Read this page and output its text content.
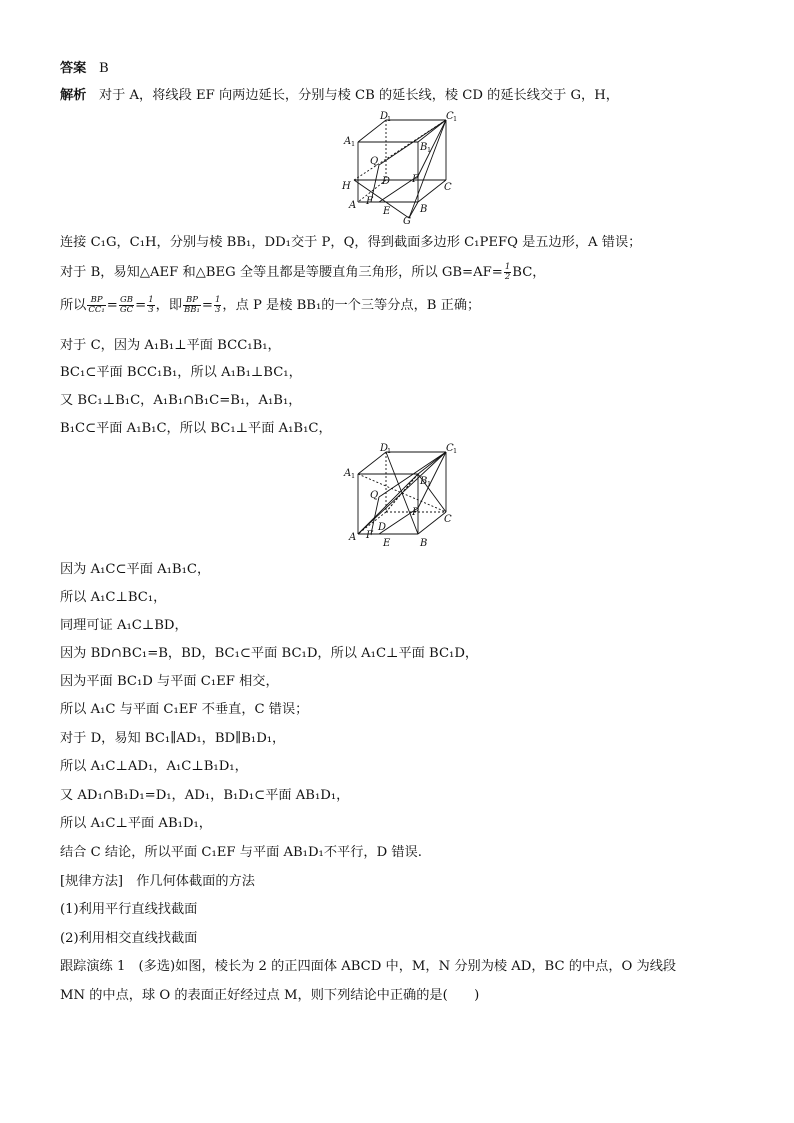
答案 B
解析 对于 A，将线段 EF 向两边延长，分别与棱 CB 的延长线，棱 CD 的延长线交于 G，H，
D
1	C 1
A 1	B 1
Q
D P
C
H
A F
E	B
G
连接 C₁G，C₁H，分别与棱 BB₁，DD₁交于 P，Q，得到截面多边形 C₁PEFQ 是五边形，A 错误；
对于 B，易知△AEF 和△BEG 全等且都是等腰直角三角形，所以 $GB=AF= \frac{1}{2}$ BC，
所以 $\frac{BP}{\text{CC₁}} = \frac{GB}{GC} = \frac{1}{3}$ ，即 $\frac{BP}{\text{BB₁}} = \frac{1}{3}$ ，点 P 是棱 BB₁的一个三等分点，B 正确；
对于 C，因为 A₁B₁⊥平面 BCC₁B₁，
BC₁⊂平面 BCC₁B₁，所以 A₁B₁⊥BC₁，
又 BC₁⊥B₁C，A₁B₁∩B₁C=B₁，A₁B₁，
B₁C⊂平面 A₁B₁C，所以 BC₁⊥平面 A₁B₁C，
D
1	C 1
A 1	B 1
Q
D
P
C
A F
E	B
因为 A₁C⊂平面 A₁B₁C，
所以 A₁C⊥BC₁，
同理可证 A₁C⊥BD，
因为 BD∩BC₁=B，BD，BC₁⊂平面 BC₁D，所以 A₁C⊥平面 BC₁D，
因为平面 BC₁D 与平面 C₁EF 相交，
所以 A₁C 与平面 C₁EF 不垂直，C 错误；
对于 D，易知 BC₁∥AD₁，BD∥B₁D₁，
所以 A₁C⊥AD₁，A₁C⊥B₁D₁，
又 AD₁∩B₁D₁=D₁，AD₁，B₁D₁⊂平面 AB₁D₁，
所以 A₁C⊥平面 AB₁D₁，
结合 C 结论，所以平面 C₁EF 与平面 AB₁D₁不平行，D 错误.
[规律方法]　作几何体截面的方法
(1)利用平行直线找截面
(2)利用相交直线找截面
跟踪演练 1　(多选)如图，棱长为 2 的正四面体 ABCD 中，M，N 分别为棱 AD，BC 的中点，O 为线段
MN 的中点，球 O 的表面正好经过点 M，则下列结论中正确的是(　　)
